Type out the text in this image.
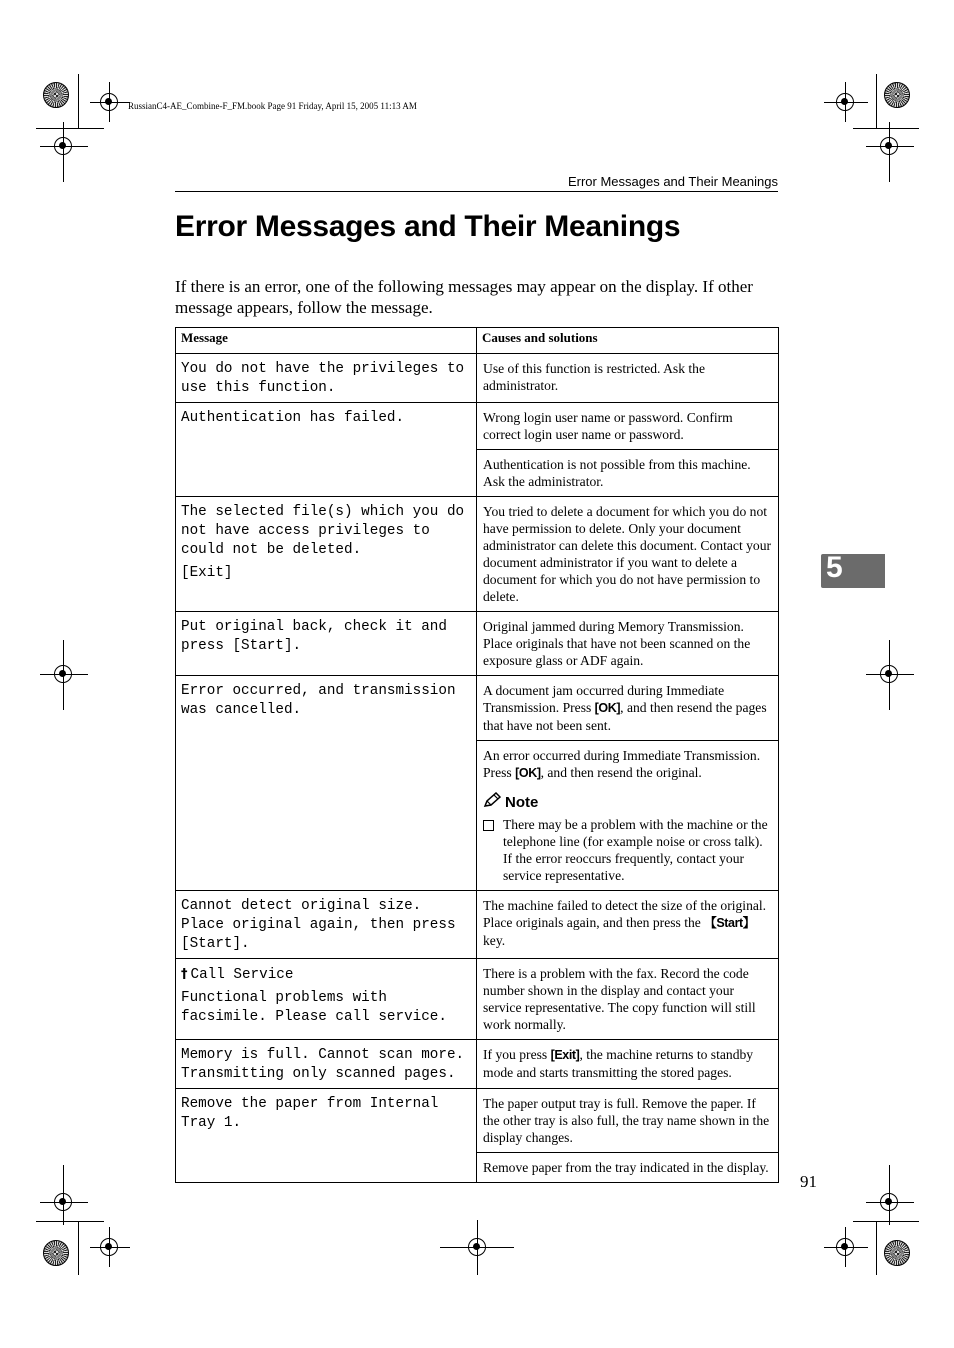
RussianC4-AE_Combine-F_FM.book Page 91 Friday, April 15, 2005 11:13 AM
Error Messages and Their Meanings
Error Messages and Their Meanings

If there is an error, one of the following messages may appear on the display. If other message appears, follow the message.

Message	Causes and solutions

You do not have the privileges to use this function.	Use of this function is restricted. Ask the administrator.

Authentication has failed.	Wrong login user name or password. Confirm correct login user name or password.

	Authentication is not possible from this machine. Ask the administrator.

The selected file(s) which you do not have access privileges to could not be deleted.
[Exit]	You tried to delete a document for which you do not have permission to delete. Only your document administrator can delete this document. Contact your document administrator if you want to delete a document for which you do not have permission to delete.

Put original back, check it and press [Start].	Original jammed during Memory Transmission. Place originals that have not been scanned on the exposure glass or ADF again.

Error occurred, and transmission was cancelled.	A document jam occurred during Immediate Transmission. Press [OK], and then resend the pages that have not been sent.

	An error occurred during Immediate Transmission. Press [OK], and then resend the original.

Note
There may be a problem with the machine or the telephone line (for example noise or cross talk). If the error reoccurs frequently, contact your service representative.

Cannot detect original size. Place original again, then press [Start].	The machine failed to detect the size of the original. Place originals again, and then press the 【Start】 key.

† Call Service
Functional problems with facsimile. Please call service.	There is a problem with the fax. Record the code number shown in the display and contact your service representative. The copy function will still work normally.

Memory is full. Cannot scan more. Transmitting only scanned pages.	If you press [Exit], the machine returns to standby mode and starts transmitting the stored pages.

Remove the paper from Internal Tray 1.	The paper output tray is full. Remove the paper. If the other tray is also full, the tray name shown in the display changes.

	Remove paper from the tray indicated in the display.

5
91
